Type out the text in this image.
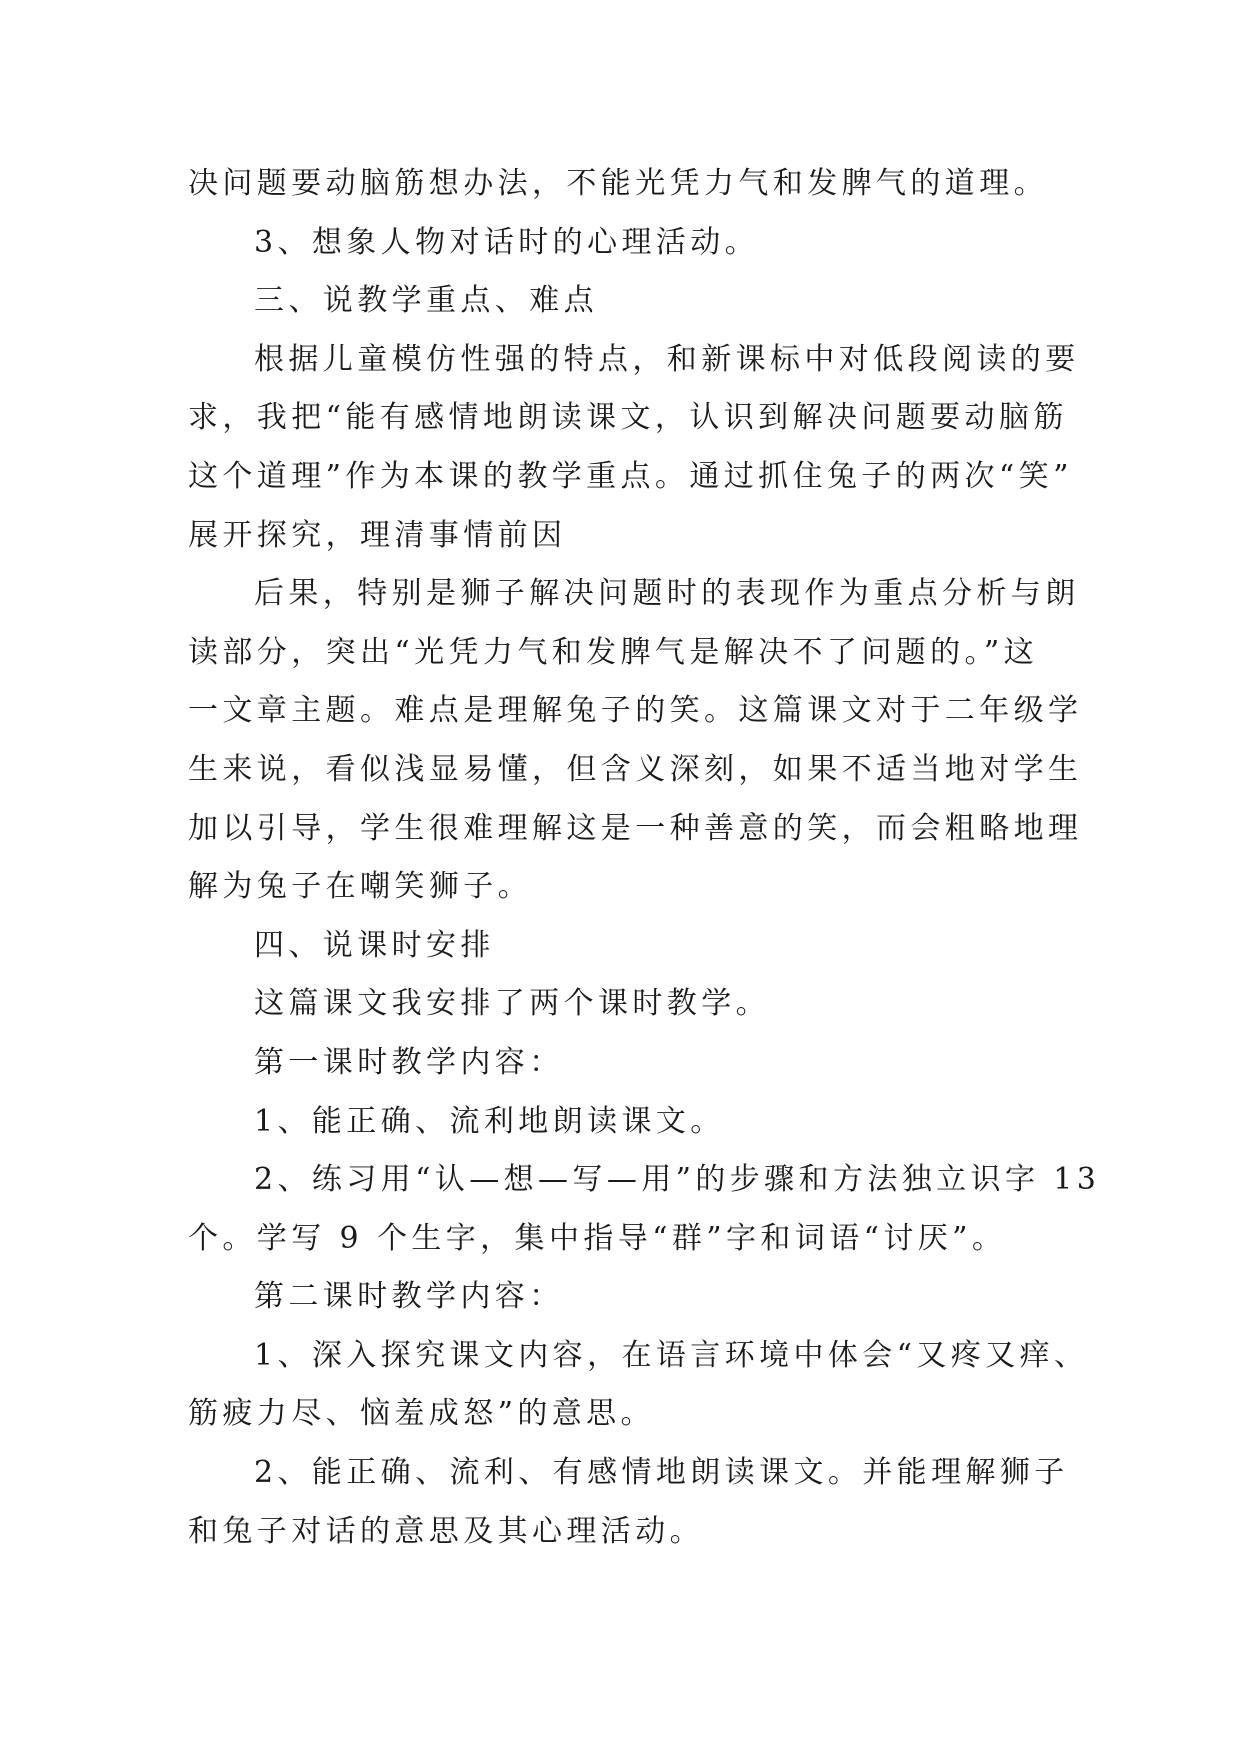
决问题要动脑筋想办法，不能光凭力气和发脾气的道理。
3、想象人物对话时的心理活动。
三、说教学重点、难点
根据儿童模仿性强的特点，和新课标中对低段阅读的要
求，我把“能有感情地朗读课文，认识到解决问题要动脑筋
这个道理”作为本课的教学重点。通过抓住兔子的两次“笑”
展开探究，理清事情前因
后果，特别是狮子解决问题时的表现作为重点分析与朗
读部分，突出“光凭力气和发脾气是解决不了问题的。”这
一文章主题。难点是理解兔子的笑。这篇课文对于二年级学
生来说，看似浅显易懂，但含义深刻，如果不适当地对学生
加以引导，学生很难理解这是一种善意的笑，而会粗略地理
解为兔子在嘲笑狮子。
四、说课时安排
这篇课文我安排了两个课时教学。
第一课时教学内容：
1、能正确、流利地朗读课文。
2、练习用“认—想—写—用”的步骤和方法独立识字 13
个。学写 9 个生字，集中指导“群”字和词语“讨厌”。
第二课时教学内容：
1、深入探究课文内容，在语言环境中体会“又疼又痒、
筋疲力尽、恼羞成怒”的意思。
2、能正确、流利、有感情地朗读课文。并能理解狮子
和兔子对话的意思及其心理活动。
